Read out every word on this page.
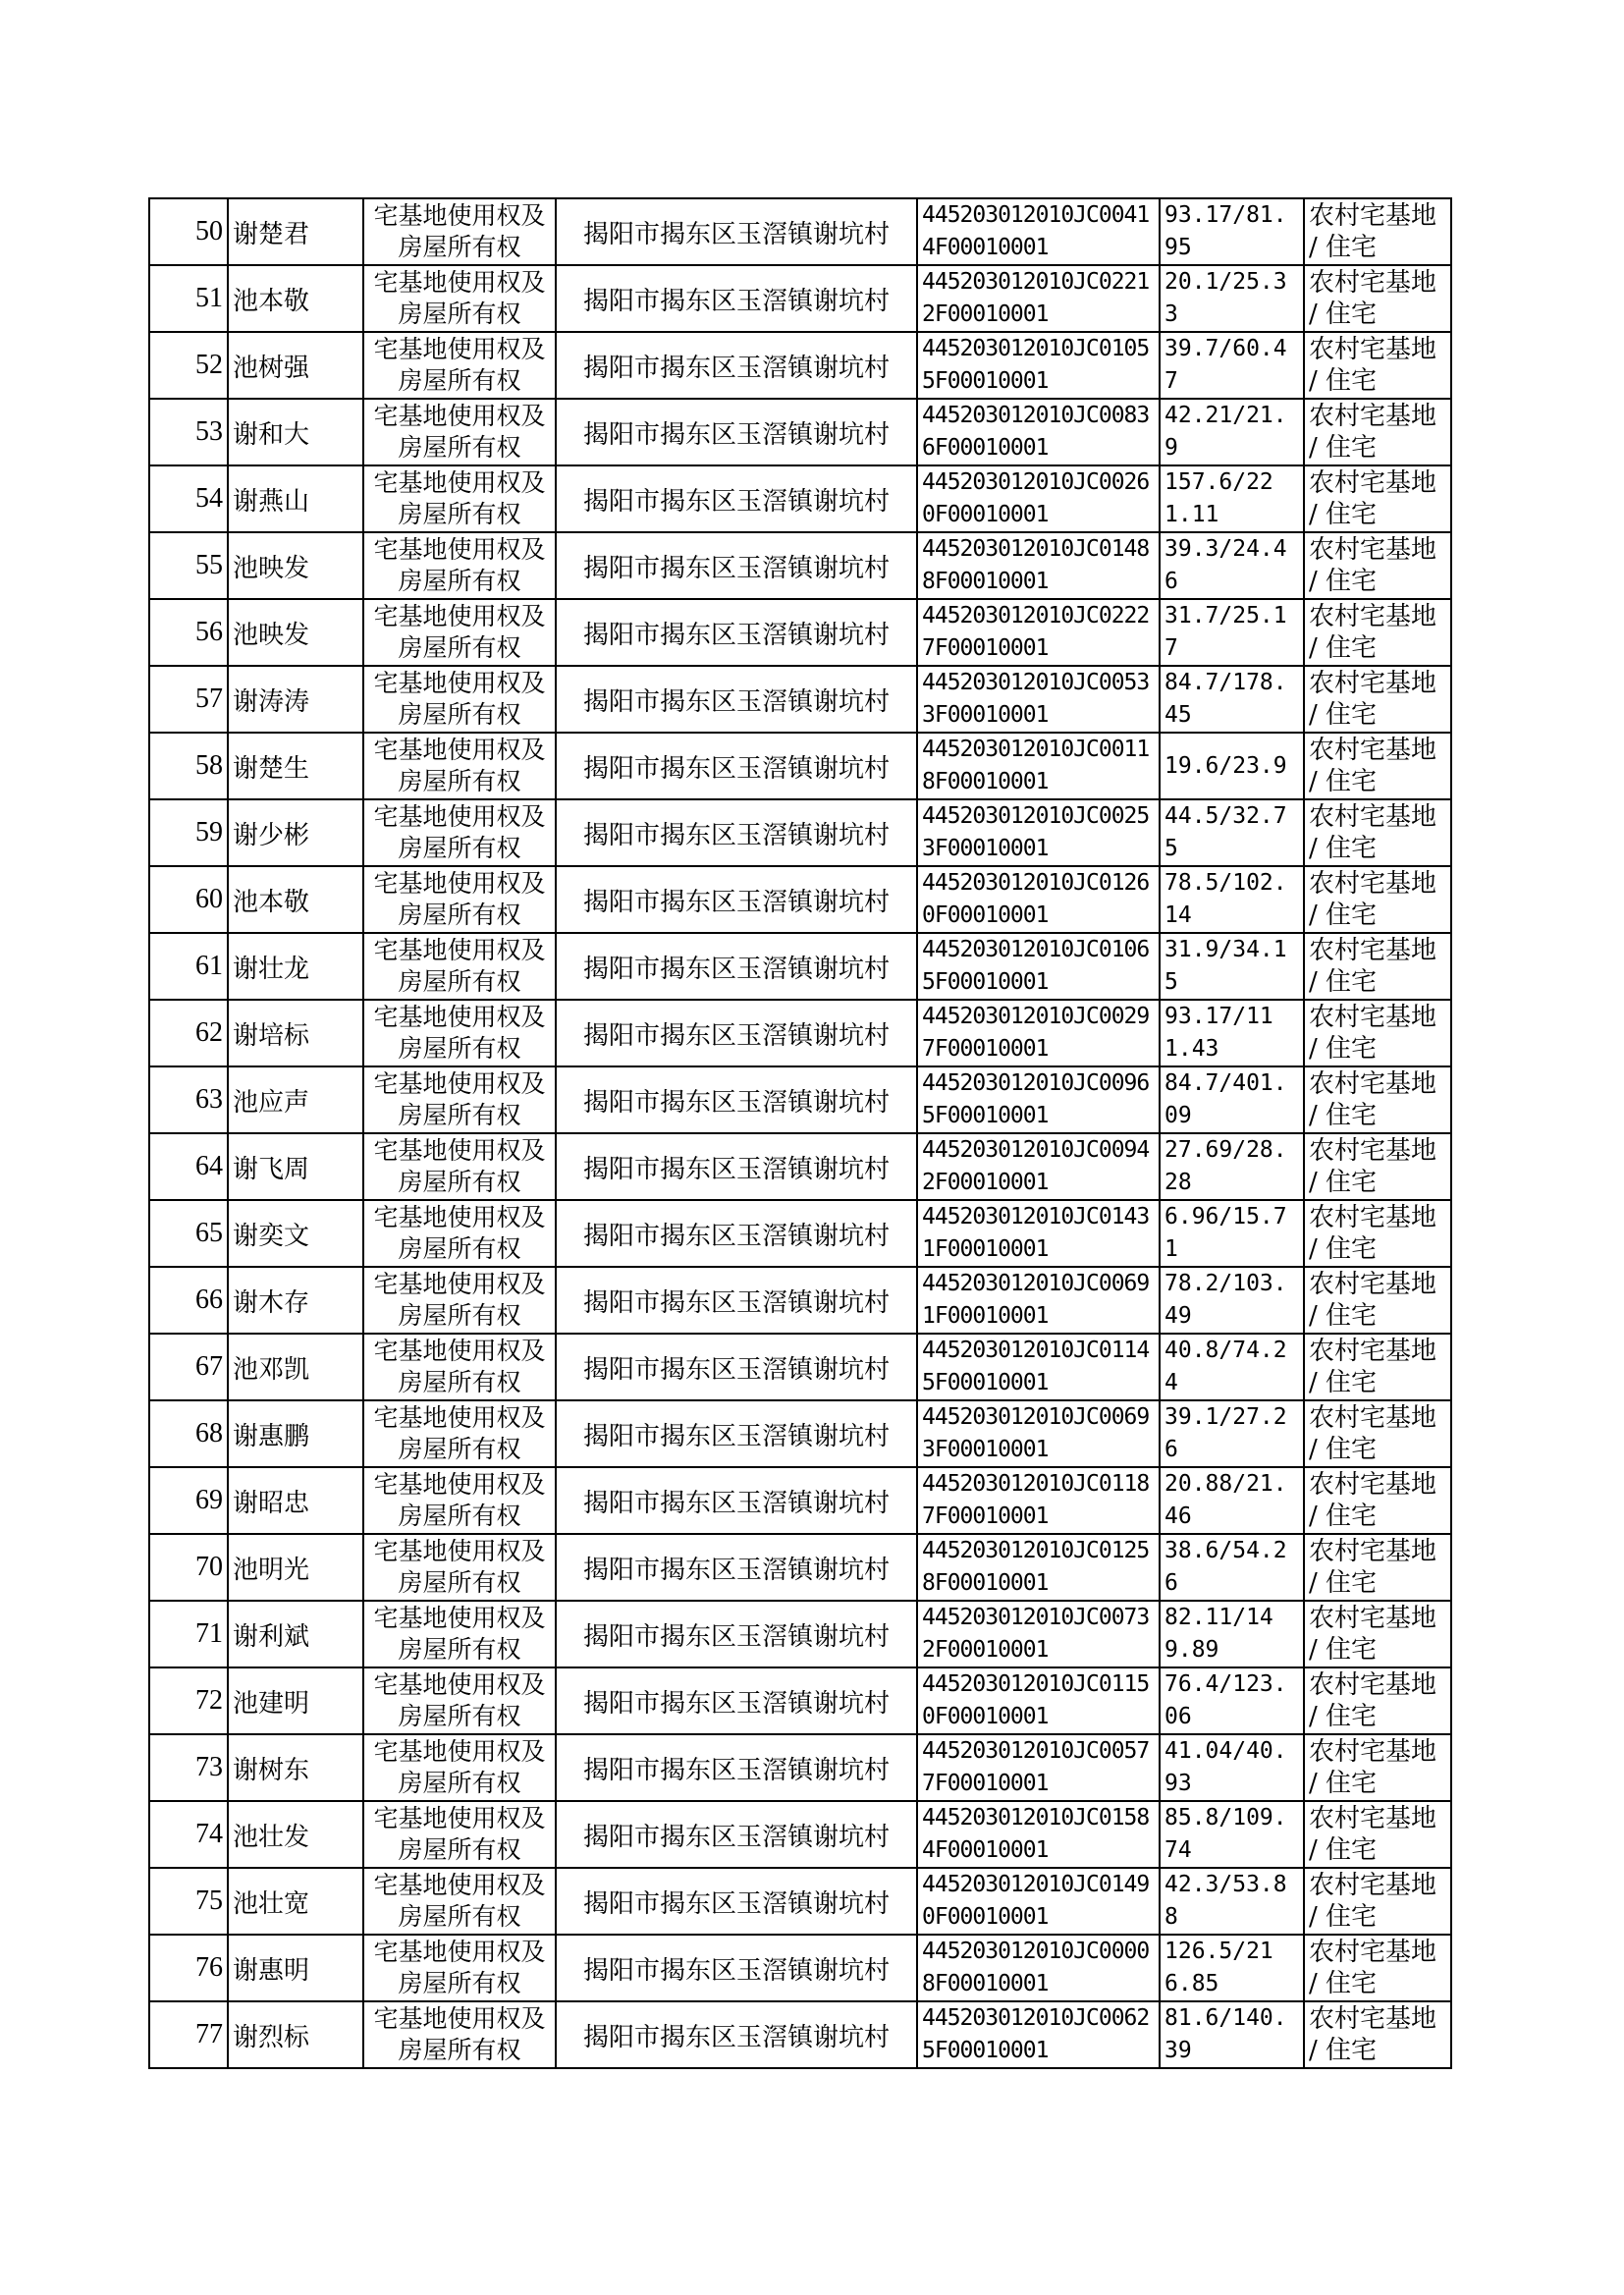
50	谢楚君	宅基地使用权及房屋所有权	揭阳市揭东区玉滘镇谢坑村	445203012010JC00414F00010001	93.17/81.95	农村宅基地 / 住宅
51	池本敬	宅基地使用权及房屋所有权	揭阳市揭东区玉滘镇谢坑村	445203012010JC02212F00010001	20.1/25.33	农村宅基地 / 住宅
52	池树强	宅基地使用权及房屋所有权	揭阳市揭东区玉滘镇谢坑村	445203012010JC01055F00010001	39.7/60.47	农村宅基地 / 住宅
53	谢和大	宅基地使用权及房屋所有权	揭阳市揭东区玉滘镇谢坑村	445203012010JC00836F00010001	42.21/21.9	农村宅基地 / 住宅
54	谢燕山	宅基地使用权及房屋所有权	揭阳市揭东区玉滘镇谢坑村	445203012010JC00260F00010001	157.6/221.11	农村宅基地 / 住宅
55	池映发	宅基地使用权及房屋所有权	揭阳市揭东区玉滘镇谢坑村	445203012010JC01488F00010001	39.3/24.46	农村宅基地 / 住宅
56	池映发	宅基地使用权及房屋所有权	揭阳市揭东区玉滘镇谢坑村	445203012010JC02227F00010001	31.7/25.17	农村宅基地 / 住宅
57	谢涛涛	宅基地使用权及房屋所有权	揭阳市揭东区玉滘镇谢坑村	445203012010JC00533F00010001	84.7/178.45	农村宅基地 / 住宅
58	谢楚生	宅基地使用权及房屋所有权	揭阳市揭东区玉滘镇谢坑村	445203012010JC00118F00010001	19.6/23.9	农村宅基地 / 住宅
59	谢少彬	宅基地使用权及房屋所有权	揭阳市揭东区玉滘镇谢坑村	445203012010JC00253F00010001	44.5/32.75	农村宅基地 / 住宅
60	池本敬	宅基地使用权及房屋所有权	揭阳市揭东区玉滘镇谢坑村	445203012010JC01260F00010001	78.5/102.14	农村宅基地 / 住宅
61	谢壮龙	宅基地使用权及房屋所有权	揭阳市揭东区玉滘镇谢坑村	445203012010JC01065F00010001	31.9/34.15	农村宅基地 / 住宅
62	谢培标	宅基地使用权及房屋所有权	揭阳市揭东区玉滘镇谢坑村	445203012010JC00297F00010001	93.17/111.43	农村宅基地 / 住宅
63	池应声	宅基地使用权及房屋所有权	揭阳市揭东区玉滘镇谢坑村	445203012010JC00965F00010001	84.7/401.09	农村宅基地 / 住宅
64	谢飞周	宅基地使用权及房屋所有权	揭阳市揭东区玉滘镇谢坑村	445203012010JC00942F00010001	27.69/28.28	农村宅基地 / 住宅
65	谢奕文	宅基地使用权及房屋所有权	揭阳市揭东区玉滘镇谢坑村	445203012010JC01431F00010001	6.96/15.71	农村宅基地 / 住宅
66	谢木存	宅基地使用权及房屋所有权	揭阳市揭东区玉滘镇谢坑村	445203012010JC00691F00010001	78.2/103.49	农村宅基地 / 住宅
67	池邓凯	宅基地使用权及房屋所有权	揭阳市揭东区玉滘镇谢坑村	445203012010JC01145F00010001	40.8/74.24	农村宅基地 / 住宅
68	谢惠鹏	宅基地使用权及房屋所有权	揭阳市揭东区玉滘镇谢坑村	445203012010JC00693F00010001	39.1/27.26	农村宅基地 / 住宅
69	谢昭忠	宅基地使用权及房屋所有权	揭阳市揭东区玉滘镇谢坑村	445203012010JC01187F00010001	20.88/21.46	农村宅基地 / 住宅
70	池明光	宅基地使用权及房屋所有权	揭阳市揭东区玉滘镇谢坑村	445203012010JC01258F00010001	38.6/54.26	农村宅基地 / 住宅
71	谢利斌	宅基地使用权及房屋所有权	揭阳市揭东区玉滘镇谢坑村	445203012010JC00732F00010001	82.11/149.89	农村宅基地 / 住宅
72	池建明	宅基地使用权及房屋所有权	揭阳市揭东区玉滘镇谢坑村	445203012010JC01150F00010001	76.4/123.06	农村宅基地 / 住宅
73	谢树东	宅基地使用权及房屋所有权	揭阳市揭东区玉滘镇谢坑村	445203012010JC00577F00010001	41.04/40.93	农村宅基地 / 住宅
74	池壮发	宅基地使用权及房屋所有权	揭阳市揭东区玉滘镇谢坑村	445203012010JC01584F00010001	85.8/109.74	农村宅基地 / 住宅
75	池壮宽	宅基地使用权及房屋所有权	揭阳市揭东区玉滘镇谢坑村	445203012010JC01490F00010001	42.3/53.88	农村宅基地 / 住宅
76	谢惠明	宅基地使用权及房屋所有权	揭阳市揭东区玉滘镇谢坑村	445203012010JC00008F00010001	126.5/216.85	农村宅基地 / 住宅
77	谢烈标	宅基地使用权及房屋所有权	揭阳市揭东区玉滘镇谢坑村	445203012010JC00625F00010001	81.6/140.39	农村宅基地 / 住宅
